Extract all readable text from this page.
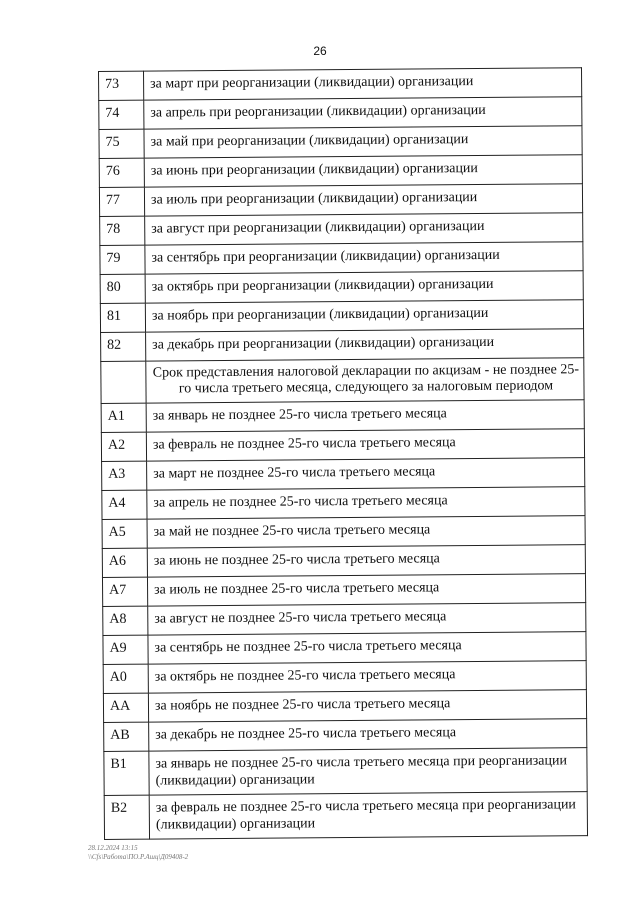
26
73	за март при реорганизации (ликвидации) организации
74	за апрель при реорганизации (ликвидации) организации
75	за май при реорганизации (ликвидации) организации
76	за июнь при реорганизации (ликвидации) организации
77	за июль при реорганизации (ликвидации) организации
78	за август при реорганизации (ликвидации) организации
79	за сентябрь при реорганизации (ликвидации) организации
80	за октябрь при реорганизации (ликвидации) организации
81	за ноябрь при реорганизации (ликвидации) организации
82	за декабрь при реорганизации (ликвидации) организации
	Срок представления налоговой декларации по акцизам - не позднее 25-го числа третьего месяца, следующего за налоговым периодом
А1	за январь не позднее 25-го числа третьего месяца
А2	за февраль не позднее 25-го числа третьего месяца
А3	за март не позднее 25-го числа третьего месяца
А4	за апрель не позднее 25-го числа третьего месяца
А5	за май не позднее 25-го числа третьего месяца
А6	за июнь не позднее 25-го числа третьего месяца
А7	за июль не позднее 25-го числа третьего месяца
А8	за август не позднее 25-го числа третьего месяца
А9	за сентябрь не позднее 25-го числа третьего месяца
А0	за октябрь не позднее 25-го числа третьего месяца
АА	за ноябрь не позднее 25-го числа третьего месяца
АВ	за декабрь не позднее 25-го числа третьего месяца
В1	за январь не позднее 25-го числа третьего месяца при реорганизации (ликвидации) организации
В2	за февраль не позднее 25-го числа третьего месяца при реорганизации (ликвидации) организации
28.12.2024 13:15
\\Cfs\Работа\ПО.Р.Ашц\Д09408-2
